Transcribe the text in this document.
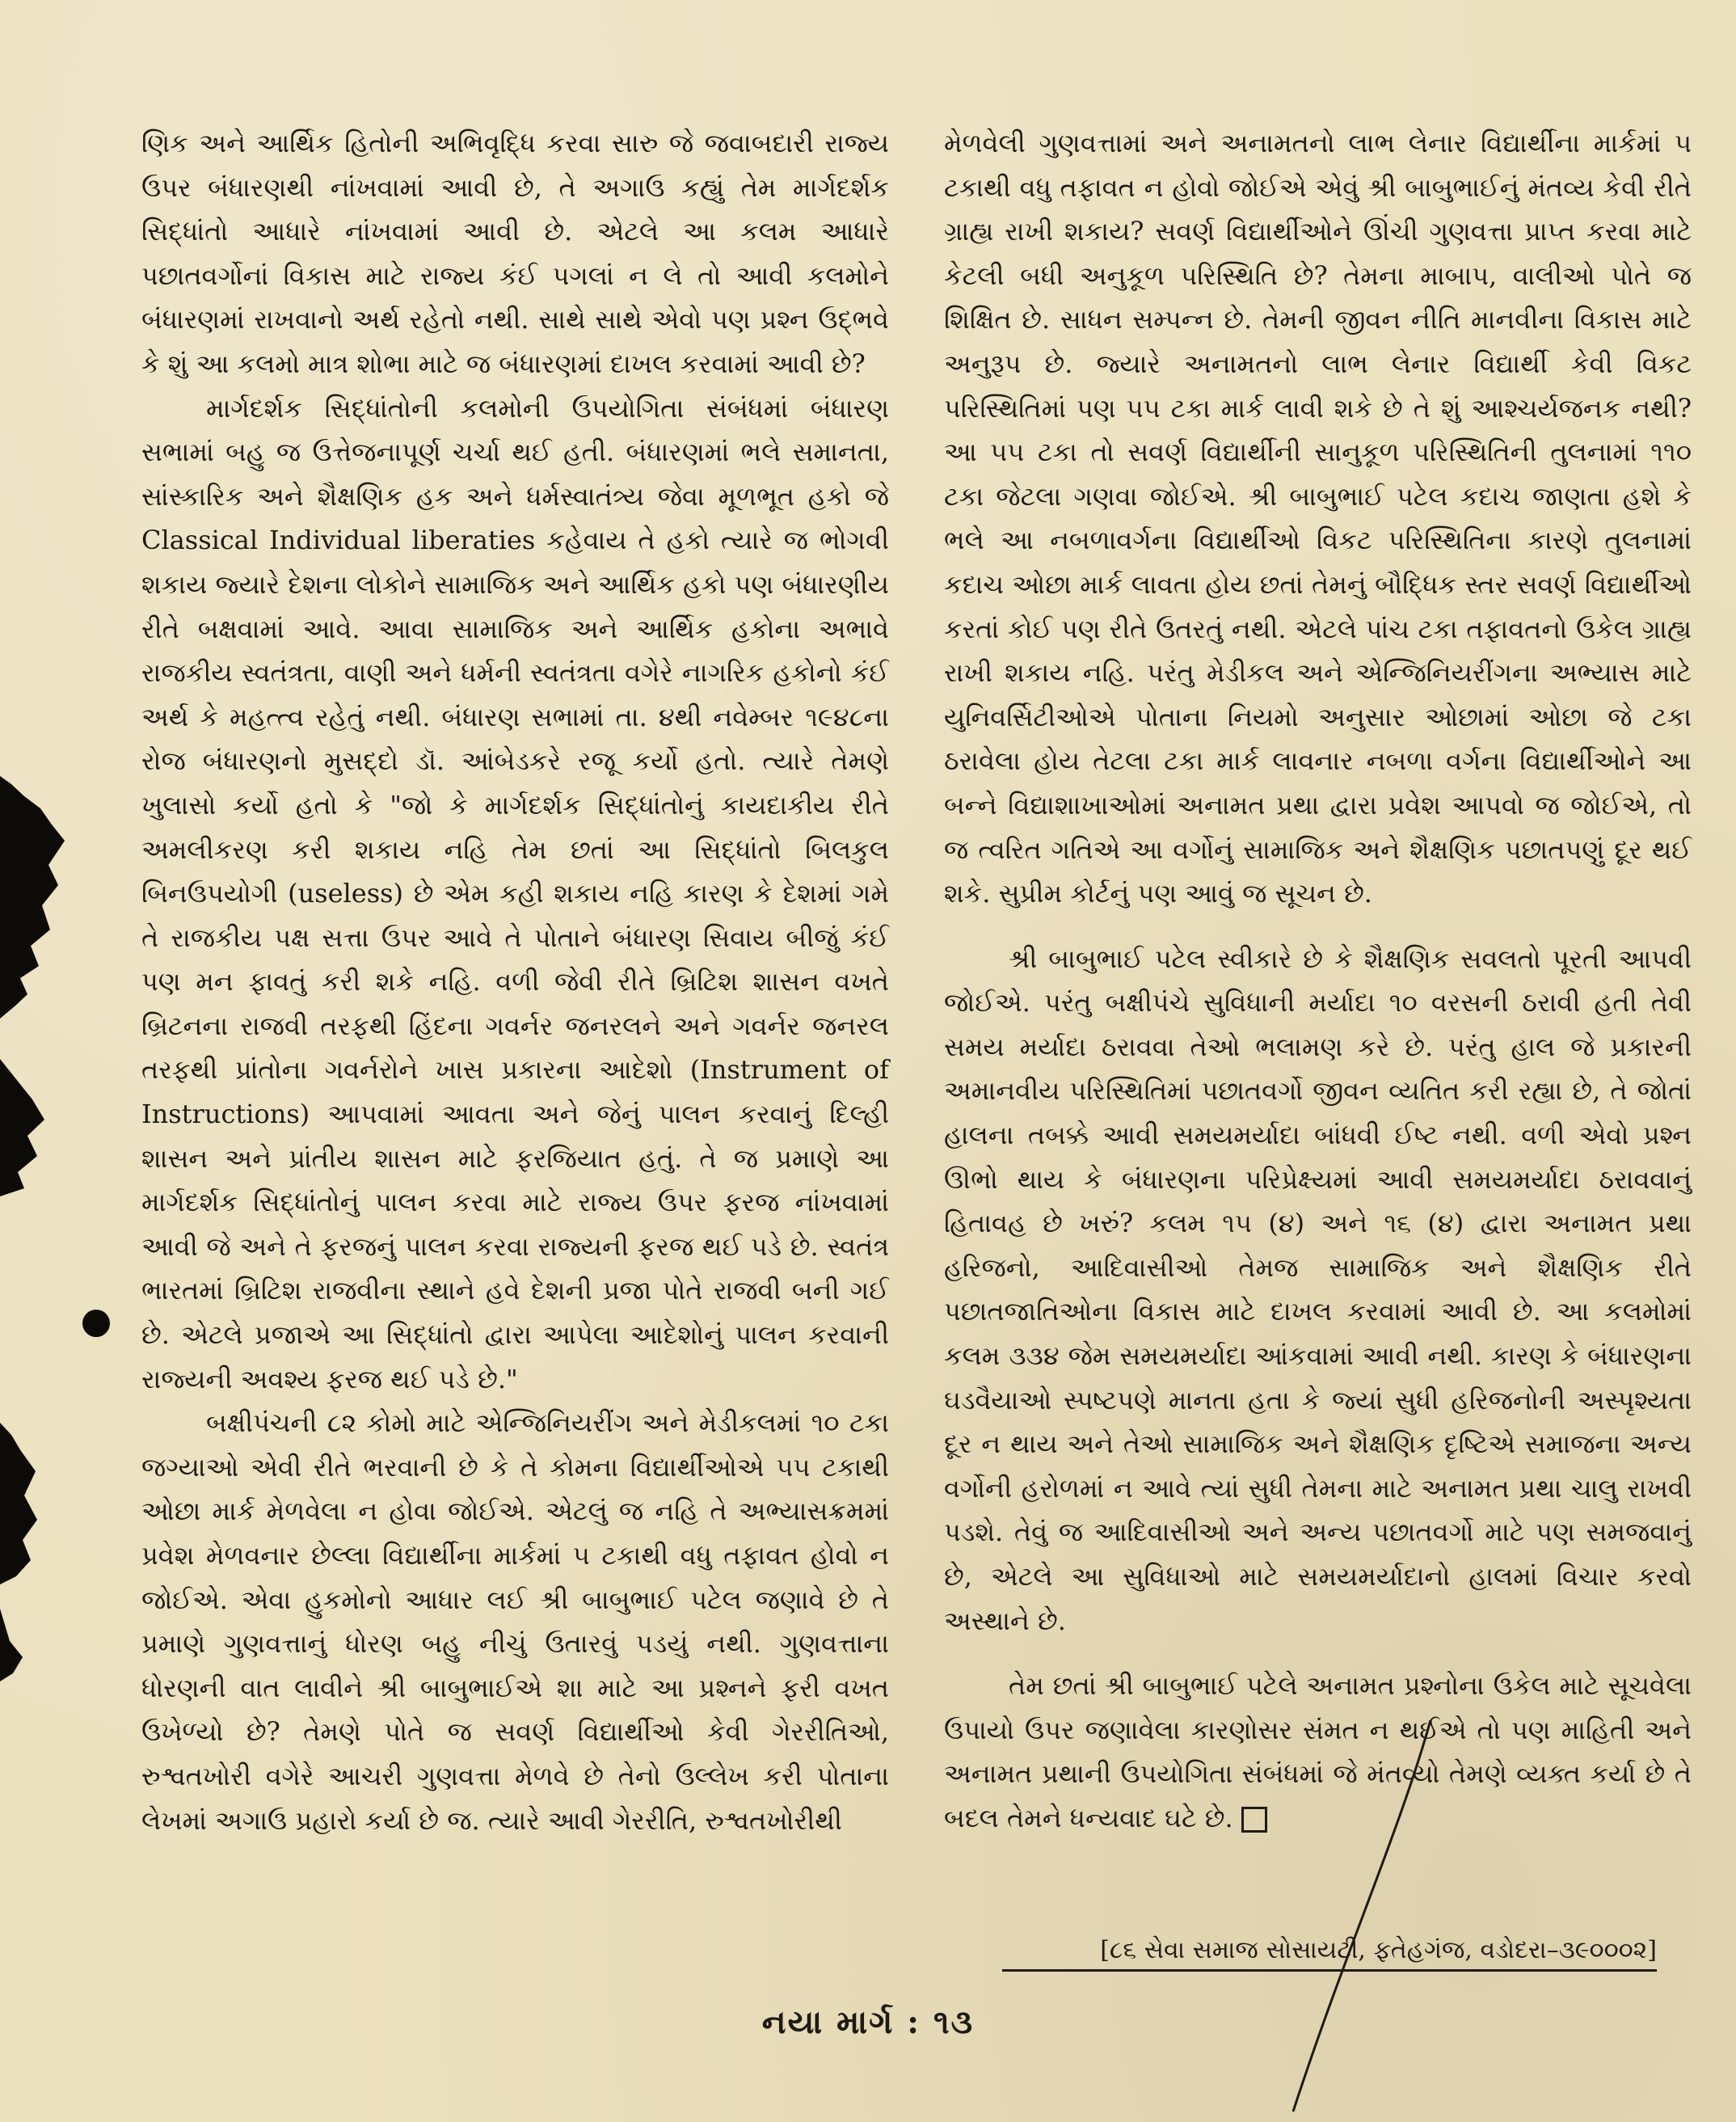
ણિક અને આર્થિક હિતોની અભિવૃદ્ધિ કરવા સારુ જે જવાબદારી રાજ્ય ઉપર બંધારણથી નાંખવામાં આવી છે, તે અગાઉ કહ્યું તેમ માર્ગદર્શક સિદ્ધાંતો આધારે નાંખવામાં આવી છે. એટલે આ કલમ આધારે પછાતવર્ગોનાં વિકાસ માટે રાજ્ય કંઈ પગલાં ન લે તો આવી કલમોને બંધારણમાં રાખવાનો અર્થ રહેતો નથી. સાથે સાથે એવો પણ પ્રશ્ન ઉદ્ભવે કે શું આ કલમો માત્ર શોભા માટે જ બંધારણમાં દાખલ કરવામાં આવી છે?

માર્ગદર્શક સિદ્ધાંતોની કલમોની ઉપયોગિતા સંબંધમાં બંધારણ સભામાં બહુ જ ઉત્તેજનાપૂર્ણ ચર્ચા થઈ હતી. બંધારણમાં ભલે સમાનતા, સાંસ્કારિક અને શૈક્ષણિક હક અને ધર્મસ્વાતંત્ર્ય જેવા મૂળભૂત હકો જે Classical Individual liberaties કહેવાય તે હકો ત્યારે જ ભોગવી શકાય જ્યારે દેશના લોકોને સામાજિક અને આર્થિક હકો પણ બંધારણીય રીતે બક્ષવામાં આવે. આવા સામાજિક અને આર્થિક હકોના અભાવે રાજકીય સ્વતંત્રતા, વાણી અને ધર્મની સ્વતંત્રતા વગેરે નાગરિક હકોનો કંઈ અર્થ કે મહત્ત્વ રહેતું નથી. બંધારણ સભામાં તા. ૪થી નવેમ્બર ૧૯૪૮ના રોજ બંધારણનો મુસદ્દો ડૉ. આંબેડકરે રજૂ કર્યો હતો. ત્યારે તેમણે ખુલાસો કર્યો હતો કે "જો કે માર્ગદર્શક સિદ્ધાંતોનું કાયદાકીય રીતે અમલીકરણ કરી શકાય નહિ તેમ છતાં આ સિદ્ધાંતો બિલકુલ બિનઉપયોગી (useless) છે એમ કહી શકાય નહિ કારણ કે દેશમાં ગમે તે રાજકીય પક્ષ સત્તા ઉપર આવે તે પોતાને બંધારણ સિવાય બીજું કંઈ પણ મન ફાવતું કરી શકે નહિ. વળી જેવી રીતે બ્રિટિશ શાસન વખતે બ્રિટનના રાજવી તરફથી હિંદના ગવર્નર જનરલને અને ગવર્નર જનરલ તરફથી પ્રાંતોના ગવર્નરોને ખાસ પ્રકારના આદેશો (Instrument of Instructions) આપવામાં આવતા અને જેનું પાલન કરવાનું દિલ્હી શાસન અને પ્રાંતીય શાસન માટે ફરજિયાત હતું. તે જ પ્રમાણે આ માર્ગદર્શક સિદ્ધાંતોનું પાલન કરવા માટે રાજ્ય ઉપર ફરજ નાંખવામાં આવી જે અને તે ફરજનું પાલન કરવા રાજ્યની ફરજ થઈ પડે છે. સ્વતંત્ર ભારતમાં બ્રિટિશ રાજવીના સ્થાને હવે દેશની પ્રજા પોતે રાજવી બની ગઈ છે. એટલે પ્રજાએ આ સિદ્ધાંતો દ્વારા આપેલા આદેશોનું પાલન કરવાની રાજ્યની અવશ્ય ફરજ થઈ પડે છે."

બક્ષીપંચની ૮૨ કોમો માટે એન્જિનિયરીંગ અને મેડીકલમાં ૧૦ ટકા જગ્યાઓ એવી રીતે ભરવાની છે કે તે કોમના વિદ્યાર્થીઓએ ૫૫ ટકાથી ઓછા માર્ક મેળવેલા ન હોવા જોઈએ. એટલું જ નહિ તે અભ્યાસક્રમમાં પ્રવેશ મેળવનાર છેલ્લા વિદ્યાર્થીના માર્કમાં ૫ ટકાથી વધુ તફાવત હોવો ન જોઈએ. એવા હુકમોનો આધાર લઈ શ્રી બાબુભાઈ પટેલ જણાવે છે તે પ્રમાણે ગુણવત્તાનું ધોરણ બહુ નીચું ઉતારવું પડયું નથી. ગુણવત્તાના ધોરણની વાત લાવીને શ્રી બાબુભાઈએ શા માટે આ પ્રશ્નને ફરી વખત ઉખેળ્યો છે? તેમણે પોતે જ સવર્ણ વિદ્યાર્થીઓ કેવી ગેરરીતિઓ, રુશ્વતખોરી વગેરે આચરી ગુણવત્તા મેળવે છે તેનો ઉલ્લેખ કરી પોતાના લેખમાં અગાઉ પ્રહારો કર્યા છે જ. ત્યારે આવી ગેરરીતિ, રુશ્વતખોરીથી

મેળવેલી ગુણવત્તામાં અને અનામતનો લાભ લેનાર વિદ્યાર્થીના માર્કમાં ૫ ટકાથી વધુ તફાવત ન હોવો જોઈએ એવું શ્રી બાબુભાઈનું મંતવ્ય કેવી રીતે ગ્રાહ્ય રાખી શકાય? સવર્ણ વિદ્યાર્થીઓને ઊંચી ગુણવત્તા પ્રાપ્ત કરવા માટે કેટલી બધી અનુકૂળ પરિસ્થિતિ છે? તેમના માબાપ, વાલીઓ પોતે જ શિક્ષિત છે. સાધન સમ્પન્ન છે. તેમની જીવન નીતિ માનવીના વિકાસ માટે અનુરૂપ છે. જ્યારે અનામતનો લાભ લેનાર વિદ્યાર્થી કેવી વિકટ પરિસ્થિતિમાં પણ ૫૫ ટકા માર્ક લાવી શકે છે તે શું આશ્ચર્યજનક નથી? આ ૫૫ ટકા તો સવર્ણ વિદ્યાર્થીની સાનુકૂળ પરિસ્થિતિની તુલનામાં ૧૧૦ ટકા જેટલા ગણવા જોઈએ. શ્રી બાબુભાઈ પટેલ કદાચ જાણતા હશે કે ભલે આ નબળાવર્ગના વિદ્યાર્થીઓ વિકટ પરિસ્થિતિના કારણે તુલનામાં કદાચ ઓછા માર્ક લાવતા હોય છતાં તેમનું બૌદ્ધિક સ્તર સવર્ણ વિદ્યાર્થીઓ કરતાં કોઈ પણ રીતે ઉતરતું નથી. એટલે પાંચ ટકા તફાવતનો ઉકેલ ગ્રાહ્ય રાખી શકાય નહિ. પરંતુ મેડીકલ અને એન્જિનિયરીંગના અભ્યાસ માટે યુનિવર્સિટીઓએ પોતાના નિયમો અનુસાર ઓછામાં ઓછા જે ટકા ઠરાવેલા હોય તેટલા ટકા માર્ક લાવનાર નબળા વર્ગના વિદ્યાર્થીઓને આ બન્ને વિદ્યાશાખાઓમાં અનામત પ્રથા દ્વારા પ્રવેશ આપવો જ જોઈએ, તો જ ત્વરિત ગતિએ આ વર્ગોનું સામાજિક અને શૈક્ષણિક પછાતપણું દૂર થઈ શકે. સુપ્રીમ કોર્ટનું પણ આવું જ સૂચન છે.

શ્રી બાબુભાઈ પટેલ સ્વીકારે છે કે શૈક્ષણિક સવલતો પૂરતી આપવી જોઈએ. પરંતુ બક્ષીપંચે સુવિધાની મર્યાદા ૧૦ વરસની ઠરાવી હતી તેવી સમય મર્યાદા ઠરાવવા તેઓ ભલામણ કરે છે. પરંતુ હાલ જે પ્રકારની અમાનવીય પરિસ્થિતિમાં પછાતવર્ગો જીવન વ્યતિત કરી રહ્યા છે, તે જોતાં હાલના તબક્કે આવી સમયમર્યાદા બાંધવી ઈષ્ટ નથી. વળી એવો પ્રશ્ન ઊભો થાય કે બંધારણના પરિપ્રેક્ષ્યમાં આવી સમયમર્યાદા ઠરાવવાનું હિતાવહ છે ખરું? કલમ ૧૫ (૪) અને ૧૬ (૪) દ્વારા અનામત પ્રથા હરિજનો, આદિવાસીઓ તેમજ સામાજિક અને શૈક્ષણિક રીતે પછાતજાતિઓના વિકાસ માટે દાખલ કરવામાં આવી છે. આ કલમોમાં કલમ ૩૩૪ જેમ સમયમર્યાદા આંકવામાં આવી નથી. કારણ કે બંધારણના ઘડવૈયાઓ સ્પષ્ટપણે માનતા હતા કે જ્યાં સુધી હરિજનોની અસ્પૃશ્યતા દૂર ન થાય અને તેઓ સામાજિક અને શૈક્ષણિક દૃષ્ટિએ સમાજના અન્ય વર્ગોની હરોળમાં ન આવે ત્યાં સુધી તેમના માટે અનામત પ્રથા ચાલુ રાખવી પડશે. તેવું જ આદિવાસીઓ અને અન્ય પછાતવર્ગો માટે પણ સમજવાનું છે, એટલે આ સુવિધાઓ માટે સમયમર્યાદાનો હાલમાં વિચાર કરવો અસ્થાને છે.

તેમ છતાં શ્રી બાબુભાઈ પટેલે અનામત પ્રશ્નોના ઉકેલ માટે સૂચવેલા ઉપાયો ઉપર જણાવેલા કારણોસર સંમત ન થઈએ તો પણ માહિતી અને અનામત પ્રથાની ઉપયોગિતા સંબંધમાં જે મંતવ્યો તેમણે વ્યક્ત કર્યા છે તે બદલ તેમને ધન્યવાદ ઘટે છે.

[૮૬ સેવા સમાજ સોસાયટી, ફતેહગંજ, વડોદરા–૩૯૦૦૦૨]
નયા માર્ગ : ૧૩
